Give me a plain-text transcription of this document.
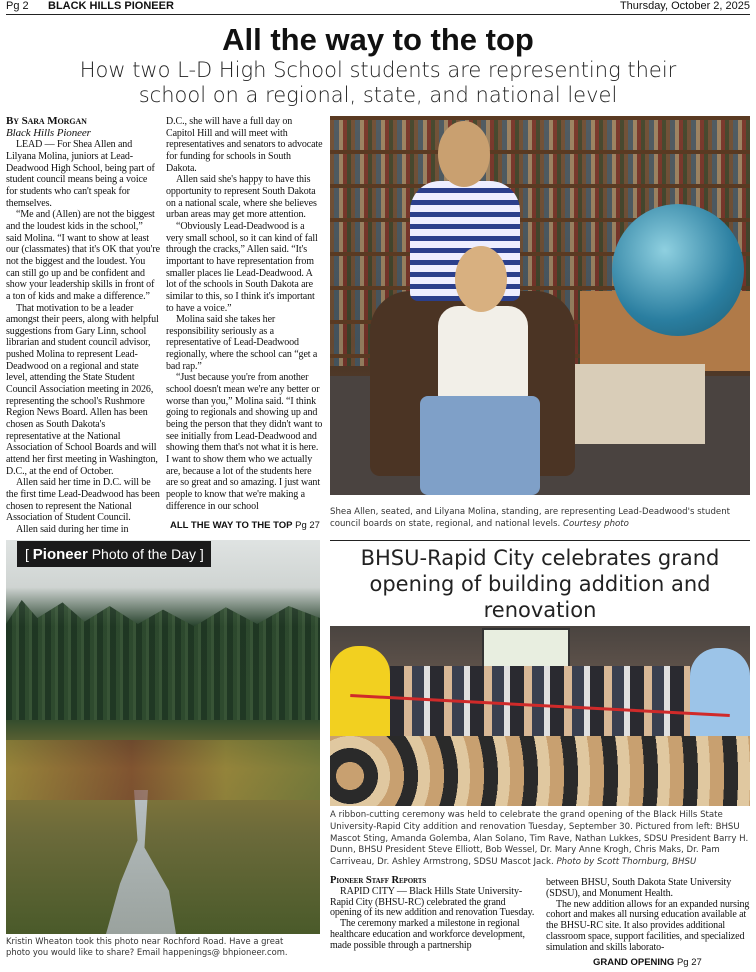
Pg 2 BLACK HILLS PIONEER	Thursday, October 2, 2025
All the way to the top
How two L-D High School students are representing their school on a regional, state, and national level
By Sara Morgan
Black Hills Pioneer

LEAD — For Shea Allen and Lilyana Molina, juniors at Lead-Deadwood High School, being part of student council means being a voice for students who can't speak for themselves.

“Me and (Allen) are not the biggest and the loudest kids in the school,” said Molina. “I want to show at least our (classmates) that it's OK that you're not the biggest and the loudest. You can still go up and be confident and show your leadership skills in front of a ton of kids and make a difference.”

That motivation to be a leader amongst their peers, along with helpful suggestions from Gary Linn, school librarian and student council advisor, pushed Molina to represent Lead-Deadwood on a regional and state level, attending the State Student Council Association meeting in 2026, representing the school's Rushmore Region News Board. Allen has been chosen as South Dakota's representative at the National Association of School Boards and will attend her first meeting in Washington, D.C., at the end of October.

Allen said her time in D.C. will be the first time Lead-Deadwood has been chosen to represent the National Association of Student Council.

Allen said during her time in

D.C., she will have a full day on Capitol Hill and will meet with representatives and senators to advocate for funding for schools in South Dakota.

Allen said she's happy to have this opportunity to represent South Dakota on a national scale, where she believes urban areas may get more attention.

“Obviously Lead-Deadwood is a very small school, so it can kind of fall through the cracks,” Allen said. “It's important to have representation from smaller places lie Lead-Deadwood. A lot of the schools in South Dakota are similar to this, so I think it's important to have a voice.”

Molina said she takes her responsibility seriously as a representative of Lead-Deadwood regionally, where the school can “get a bad rap.”

“Just because you're from another school doesn't mean we're any better or worse than you,” Molina said. “I think going to regionals and showing up and being the person that they didn't want to see initially from Lead-Deadwood and showing them that's not what it is here. I want to show them who we actually are, because a lot of the students here are so great and so amazing. I just want people to know that we're making a difference in our school

ALL THE WAY TO THE TOP Pg 27
Shea Allen, seated, and Lilyana Molina, standing, are representing Lead-Deadwood's student council boards on state, regional, and national levels. Courtesy photo
[ Pioneer Photo of the Day ]
Kristin Wheaton took this photo near Rochford Road. Have a great photo you would like to share? Email happenings@ bhpioneer.com.
BHSU-Rapid City celebrates grand opening of building addition and renovation
A ribbon-cutting ceremony was held to celebrate the grand opening of the Black Hills State University-Rapid City addition and renovation Tuesday, September 30. Pictured from left: BHSU Mascot Sting, Amanda Golemba, Alan Solano, Tim Rave, Nathan Lukkes, SDSU President Barry H. Dunn, BHSU President Steve Elliott, Bob Wessel, Dr. Mary Anne Krogh, Chris Maks, Dr. Pam Carriveau, Dr. Ashley Armstrong, SDSU Mascot Jack. Photo by Scott Thornburg, BHSU
Pioneer Staff Reports

RAPID CITY — Black Hills State University-Rapid City (BHSU-RC) celebrated the grand opening of its new addition and renovation Tuesday.

The ceremony marked a milestone in regional healthcare education and workforce development, made possible through a partnership

between BHSU, South Dakota State University (SDSU), and Monument Health.

The new addition allows for an expanded nursing cohort and makes all nursing education available at the BHSU-RC site. It also provides additional classroom space, support facilities, and specialized simulation and skills laborato-

GRAND OPENING Pg 27
